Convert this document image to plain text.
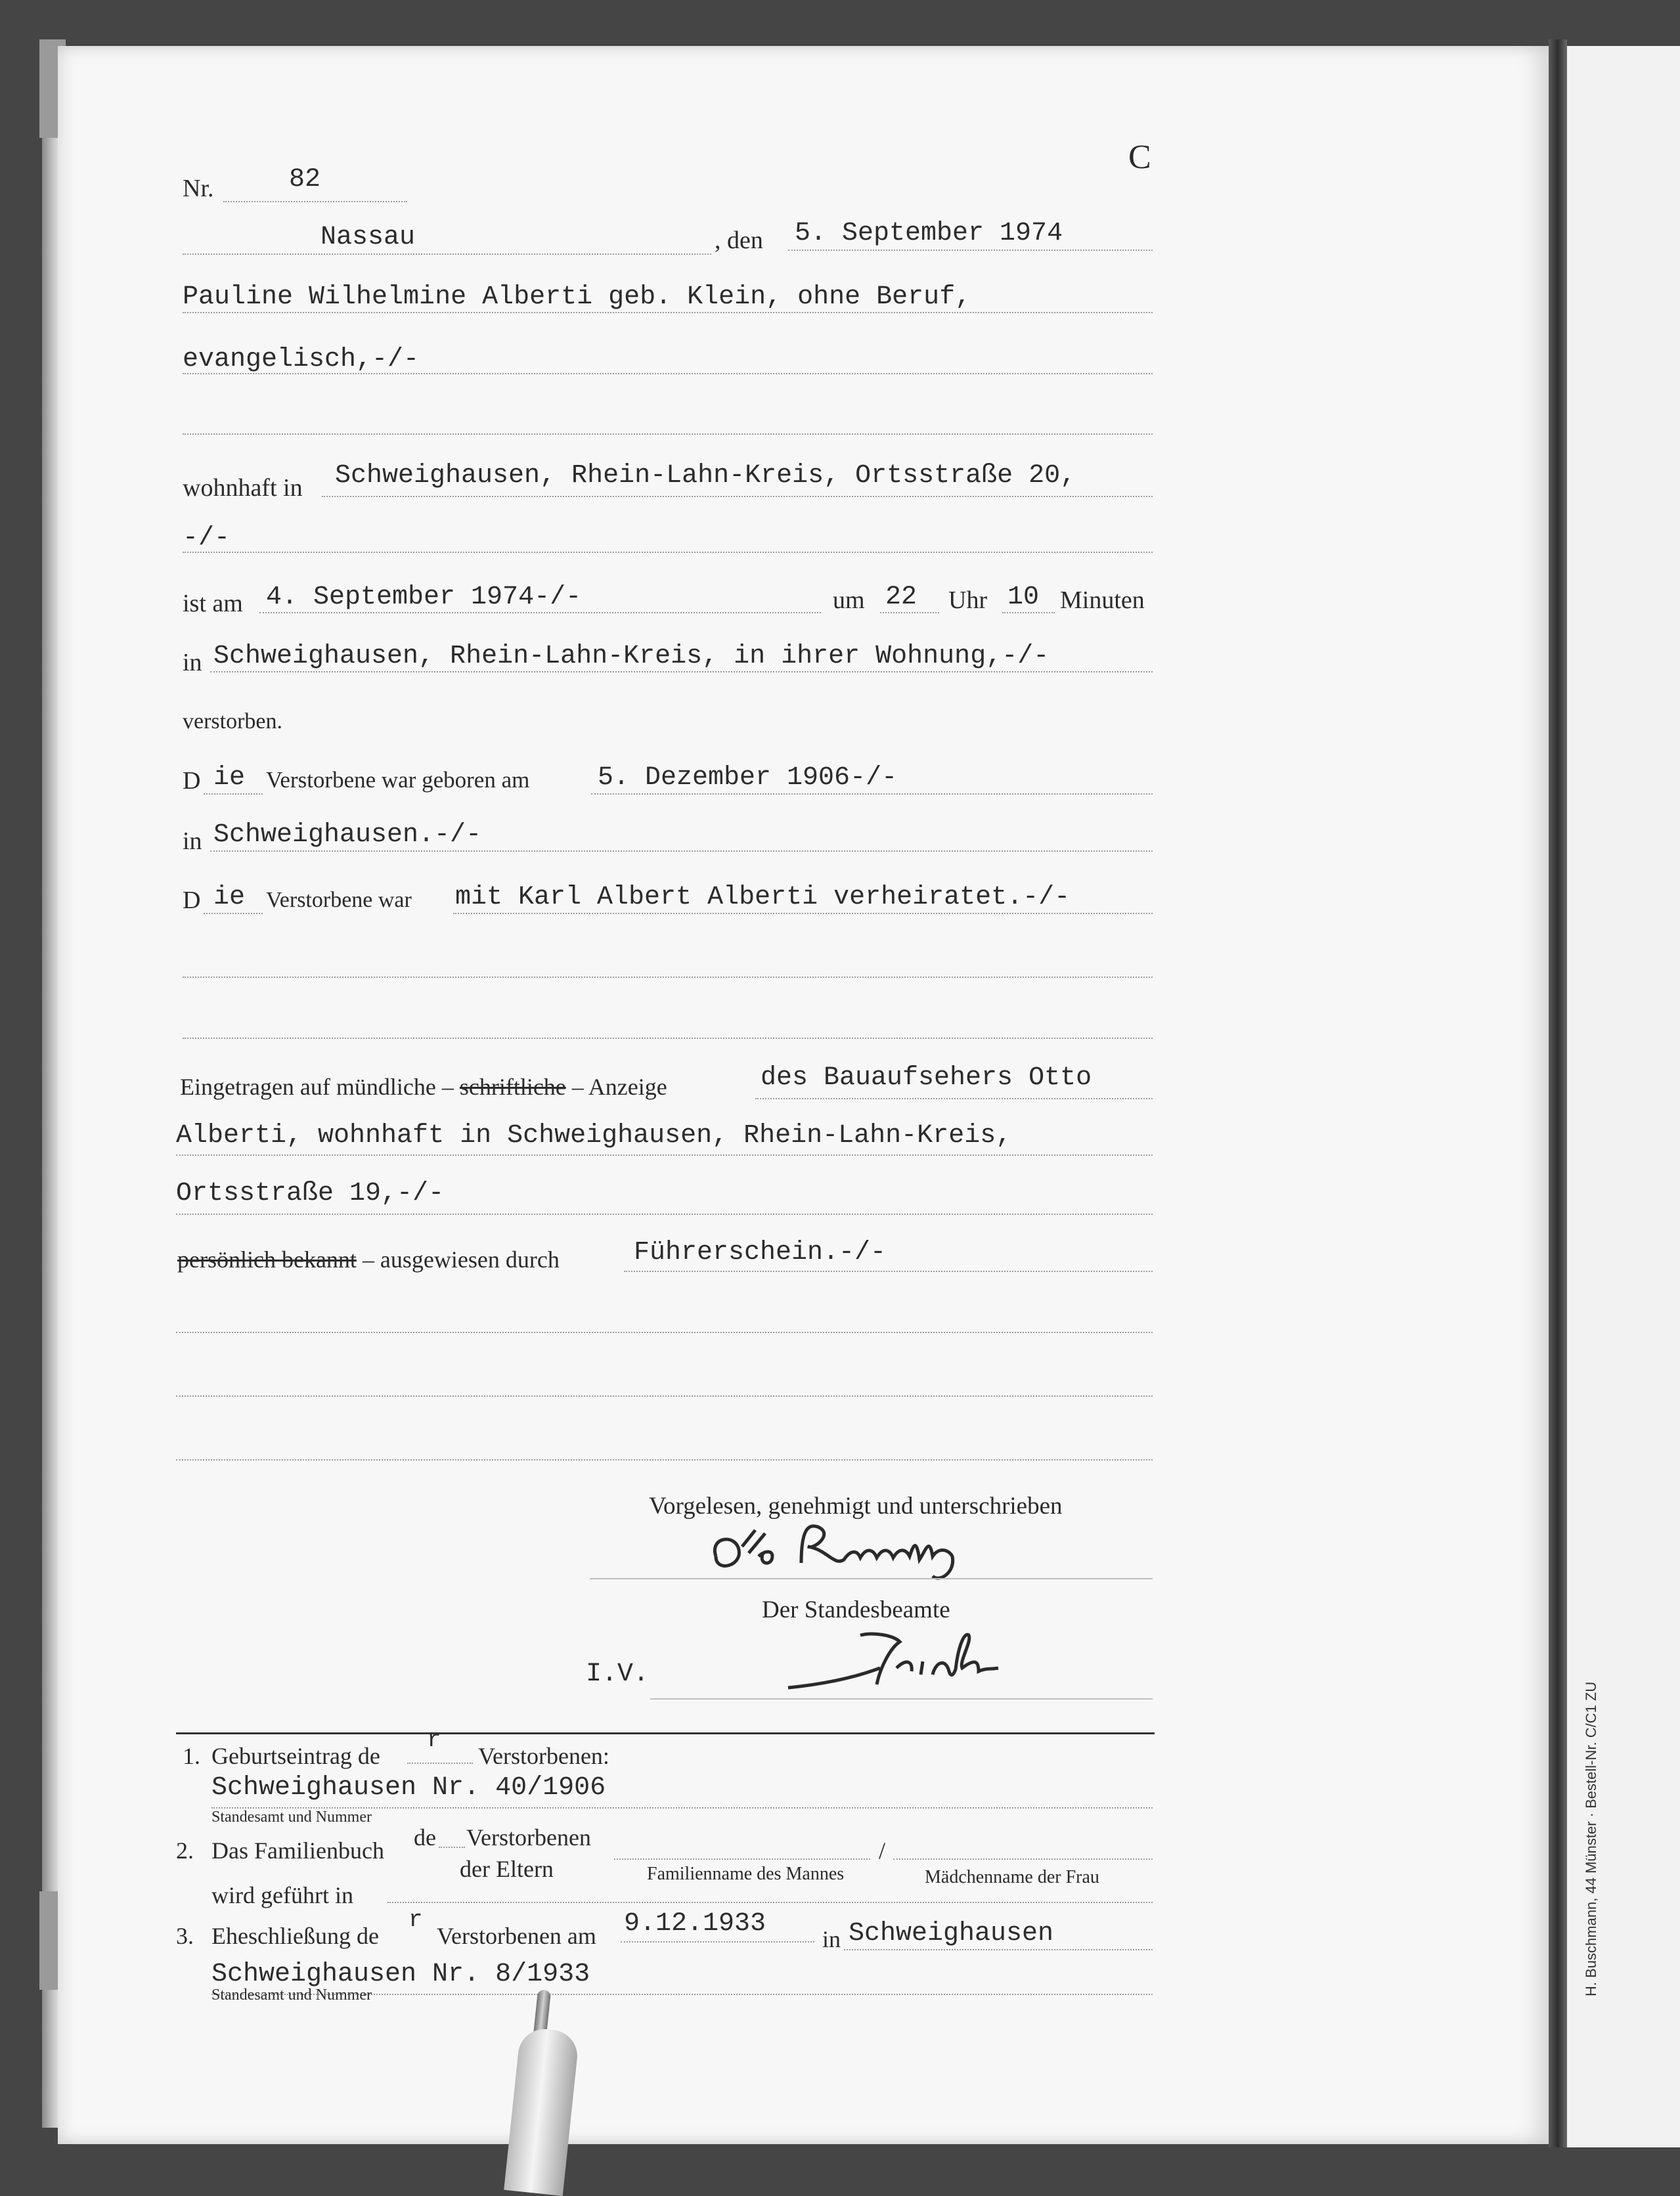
H. Buschmann, 44 Münster · Bestell-Nr. C/C1 ZU
C
Nr.	82
Nassau	, den 5. September 1974
Pauline Wilhelmine Alberti geb. Klein, ohne Beruf,
evangelisch,-/-
wohnhaft in Schweighausen, Rhein-Lahn-Kreis, Ortsstraße 20,
-/-
ist am 4. September 1974-/-	um 22 Uhr 10 Minuten
in Schweighausen, Rhein-Lahn-Kreis, in ihrer Wohnung,-/-
verstorben.
D ie Verstorbene war geboren am	5. Dezember 1906-/-
in Schweighausen.-/-
D ie Verstorbene war mit Karl Albert Alberti verheiratet.-/-
Eingetragen auf mündliche – schriftliche – Anzeige	des Bauaufsehers Otto
Alberti, wohnhaft in Schweighausen, Rhein-Lahn-Kreis,
Ortsstraße 19,-/-
persönlich bekannt – ausgewiesen durch	Führerschein.-/-
Vorgelesen, genehmigt und unterschrieben
Der Standesbeamte
I.V.
1. Geburtseintrag de
r
Verstorbenen:
Schweighausen Nr. 40/1906
Standesamt und Nummer
2. Das Familienbuch de Verstorbenen
der Eltern	Familienname des Mannes
/
Mädchenname der Frau
wird geführt in
3. Eheschließung de
r
Verstorbenen am 9.12.1933
in Schweighausen
Schweighausen Nr. 8/1933
Standesamt und Nummer
